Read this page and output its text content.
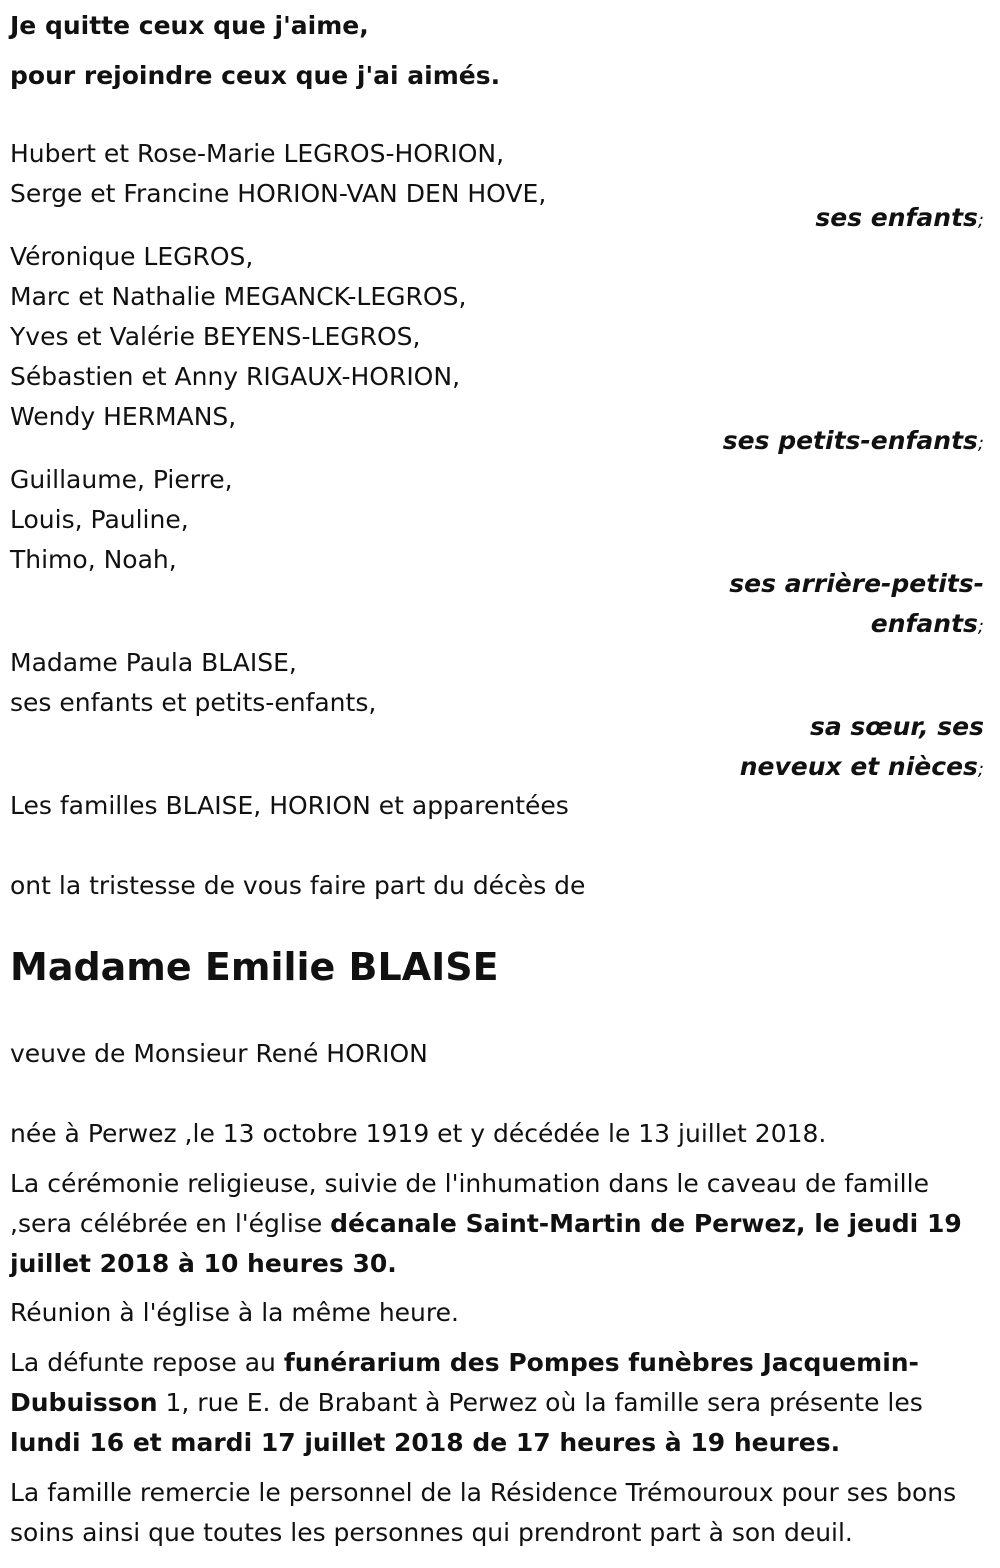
Je quitte ceux que j'aime,
pour rejoindre ceux que j'ai aimés.
Hubert et Rose-Marie LEGROS-HORION,
Serge et Francine HORION-VAN DEN HOVE,
ses enfants;
Véronique LEGROS,
Marc et Nathalie MEGANCK-LEGROS,
Yves et Valérie BEYENS-LEGROS,
Sébastien et Anny RIGAUX-HORION,
Wendy HERMANS,
ses petits-enfants;
Guillaume, Pierre,
Louis, Pauline,
Thimo, Noah,
ses arrière-petits-
enfants;
Madame Paula BLAISE,
ses enfants et petits-enfants,
sa sœur, ses
neveux et nièces;
Les familles BLAISE, HORION et apparentées
ont la tristesse de vous faire part du décès de
Madame Emilie BLAISE
veuve de Monsieur René HORION
née à Perwez ,le 13 octobre 1919 et y décédée le 13 juillet 2018.
La cérémonie religieuse, suivie de l'inhumation dans le caveau de famille ,sera célébrée en l'église décanale Saint-Martin de Perwez, le jeudi 19 juillet 2018 à 10 heures 30.
Réunion à l'église à la même heure.
La défunte repose au funérarium des Pompes funèbres Jacquemin-Dubuisson 1, rue E. de Brabant à Perwez où la famille sera présente les lundi 16 et mardi 17 juillet 2018 de 17 heures à 19 heures.
La famille remercie le personnel de la Résidence Trémouroux pour ses bons soins ainsi que toutes les personnes qui prendront part à son deuil.
